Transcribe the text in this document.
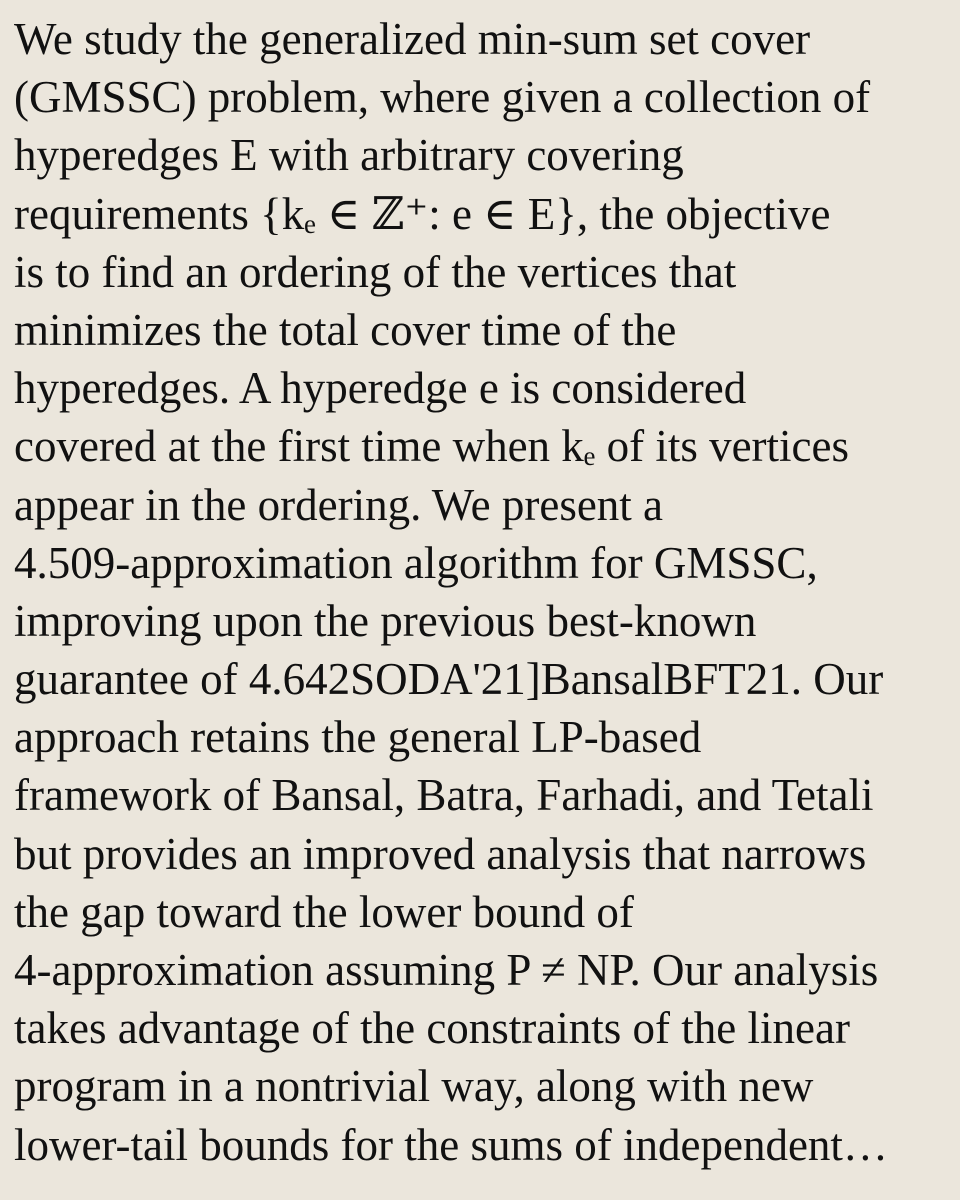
We study the generalized min-sum set cover
(GMSSC) problem, where given a collection of
hyperedges E with arbitrary covering
requirements {kₑ ∈ ℤ⁺: e ∈ E}, the objective
is to find an ordering of the vertices that
minimizes the total cover time of the
hyperedges. A hyperedge e is considered
covered at the first time when kₑ of its vertices
appear in the ordering. We present a
4.509-approximation algorithm for GMSSC,
improving upon the previous best-known
guarantee of 4.642SODA'21]BansalBFT21. Our
approach retains the general LP-based
framework of Bansal, Batra, Farhadi, and Tetali
but provides an improved analysis that narrows
the gap toward the lower bound of
4-approximation assuming P ≠ NP. Our analysis
takes advantage of the constraints of the linear
program in a nontrivial way, along with new
lower-tail bounds for the sums of independent…
